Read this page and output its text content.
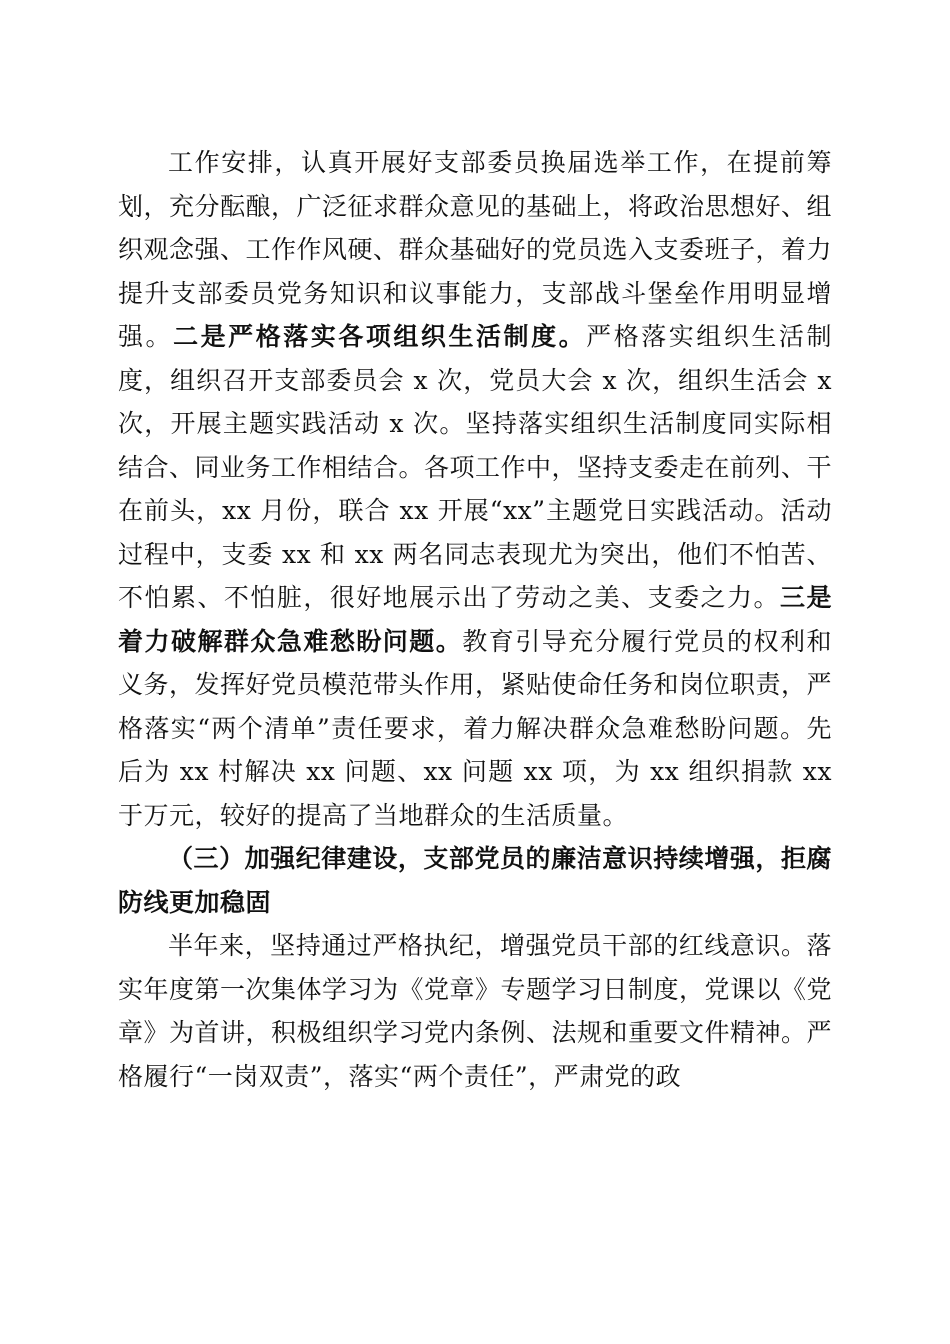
工作安排，认真开展好支部委员换届选举工作，在提前筹划，充分酝酿，广泛征求群众意见的基础上，将政治思想好、组织观念强、工作作风硬、群众基础好的党员选入支委班子，着力提升支部委员党务知识和议事能力，支部战斗堡垒作用明显增强。二是严格落实各项组织生活制度。严格落实组织生活制度，组织召开支部委员会 x 次，党员大会 x 次，组织生活会 x 次，开展主题实践活动 x 次。坚持落实组织生活制度同实际相结合、同业务工作相结合。各项工作中，坚持支委走在前列、干在前头，xx 月份，联合 xx 开展“xx”主题党日实践活动。活动过程中，支委 xx 和 xx 两名同志表现尤为突出，他们不怕苦、不怕累、不怕脏，很好地展示出了劳动之美、支委之力。三是着力破解群众急难愁盼问题。教育引导充分履行党员的权利和义务，发挥好党员模范带头作用，紧贴使命任务和岗位职责，严格落实“两个清单”责任要求，着力解决群众急难愁盼问题。先后为 xx 村解决 xx 问题、xx 问题 xx 项，为 xx 组织捐款 xx 于万元，较好的提高了当地群众的生活质量。

（三）加强纪律建设，支部党员的廉洁意识持续增强，拒腐防线更加稳固

半年来，坚持通过严格执纪，增强党员干部的红线意识。落实年度第一次集体学习为《党章》专题学习日制度，党课以《党章》为首讲，积极组织学习党内条例、法规和重要文件精神。严格履行“一岗双责”，落实“两个责任”，严肃党的政
